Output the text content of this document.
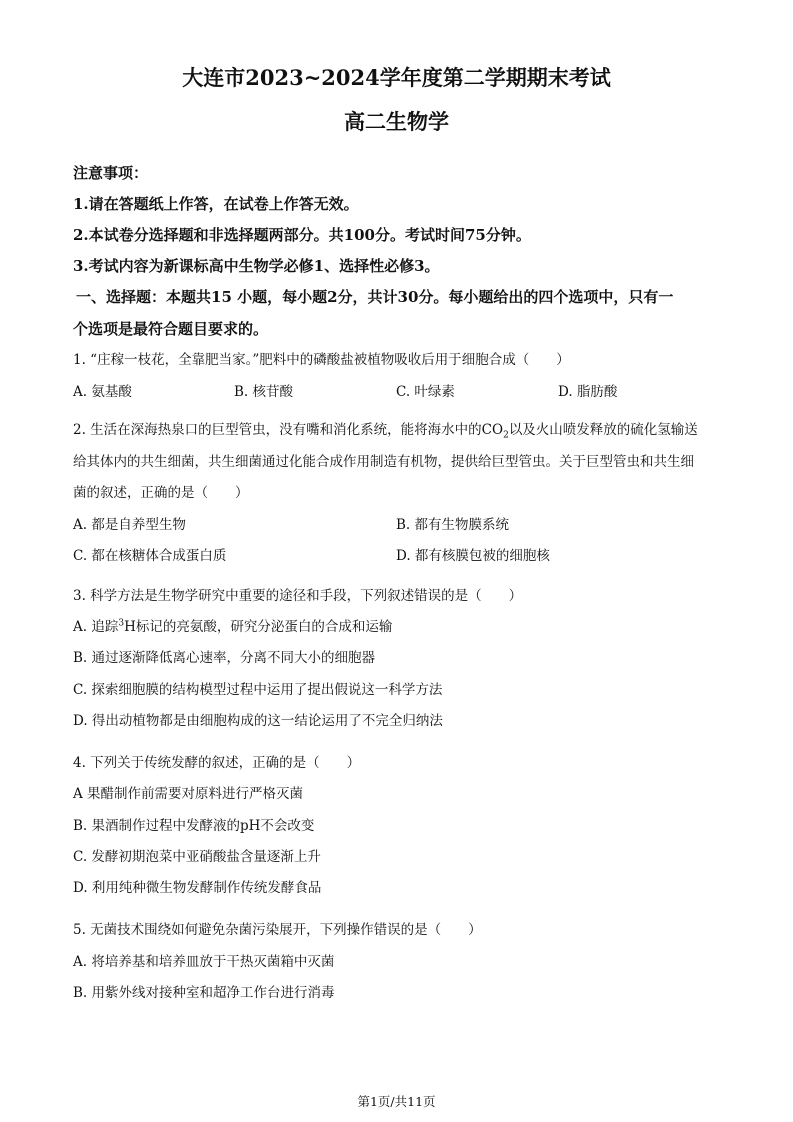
大连市2023~2024学年度第二学期期末考试
高二生物学
注意事项：
1.请在答题纸上作答，在试卷上作答无效。
2.本试卷分选择题和非选择题两部分。共100分。考试时间75分钟。
3.考试内容为新课标高中生物学必修1、选择性必修3。
一、选择题：本题共15 小题，每小题2分，共计30分。每小题给出的四个选项中，只有一
个选项是最符合题目要求的。
1. “庄稼一枝花，全靠肥当家。”肥料中的磷酸盐被植物吸收后用于细胞合成（　　）
A. 氨基酸	B. 核苷酸	C. 叶绿素	D. 脂肪酸
2. 生活在深海热泉口的巨型管虫，没有嘴和消化系统，能将海水中的$CO_2$以及火山喷发释放的硫化氢输送
给其体内的共生细菌，共生细菌通过化能合成作用制造有机物，提供给巨型管虫。关于巨型管虫和共生细
菌的叙述，正确的是（　　）
A. 都是自养型生物	B. 都有生物膜系统
C. 都在核糖体合成蛋白质	D. 都有核膜包被的细胞核
3. 科学方法是生物学研究中重要的途径和手段，下列叙述错误的是（　　）
A. 追踪$^3$H标记的亮氨酸，研究分泌蛋白的合成和运输
B. 通过逐渐降低离心速率，分离不同大小的细胞器
C. 探索细胞膜的结构模型过程中运用了提出假说这一科学方法
D. 得出动植物都是由细胞构成的这一结论运用了不完全归纳法
4. 下列关于传统发酵的叙述，正确的是（　　）
A 果醋制作前需要对原料进行严格灭菌
B. 果酒制作过程中发酵液的pH不会改变
C. 发酵初期泡菜中亚硝酸盐含量逐渐上升
D. 利用纯种微生物发酵制作传统发酵食品
5. 无菌技术围绕如何避免杂菌污染展开，下列操作错误的是（　　）
A. 将培养基和培养皿放于干热灭菌箱中灭菌
B. 用紫外线对接种室和超净工作台进行消毒
第1页/共11页
